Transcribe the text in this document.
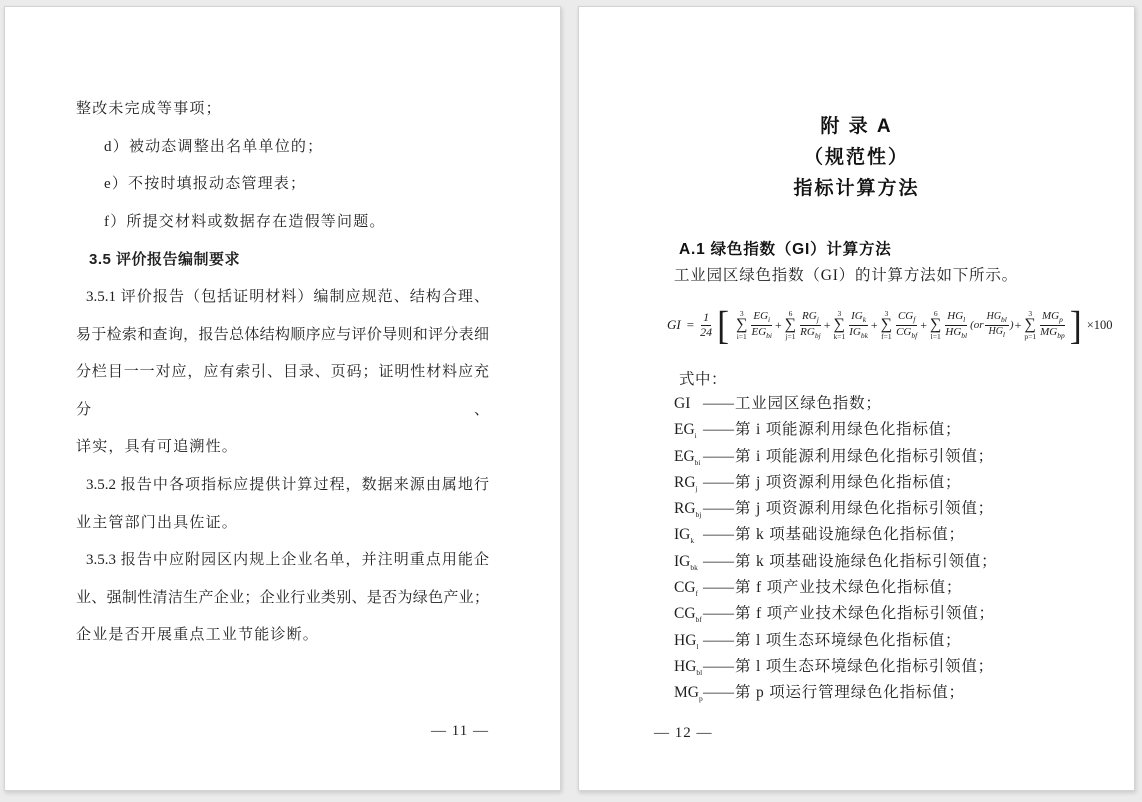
整改未完成等事项；
d）被动态调整出名单单位的；
e）不按时填报动态管理表；
f）所提交材料或数据存在造假等问题。
3.5 评价报告编制要求
3.5.1 评价报告（包括证明材料）编制应规范、结构合理、
易于检索和查询，报告总体结构顺序应与评价导则和评分表细
分栏目一一对应，应有索引、目录、页码；证明性材料应充分、
详实，具有可追溯性。
3.5.2 报告中各项指标应提供计算过程，数据来源由属地行
业主管部门出具佐证。
3.5.3 报告中应附园区内规上企业名单，并注明重点用能企
业、强制性清洁生产企业；企业行业类别、是否为绿色产业；
企业是否开展重点工业节能诊断。
— 11 —
附 录 A
（规范性）
指标计算方法
A.1 绿色指数（GI）计算方法
工业园区绿色指数（GI）的计算方法如下所示。
GI = $\frac{1}{24}$ [ 3
∑
$i=1 \frac{EG_i}{EG_{bi}}$ +
6
∑
$j=1 \frac{RG_j}{RG_{bj}}$ +
3
∑
$k=1 \frac{IG_k}{IG_{bk}}$ +
3
∑
$f=1 \frac{CG_f}{CG_{bf}}$ +
6
∑
$l=1 \frac{HG_l}{HG_{bl}} (or \frac{HG_{bl}}{HG_l}$ ) +
3
∑
$p=1 \frac{MG_p}{MG_{bp}}$ ] ×100
式中：
GI —— 工业园区绿色指数；
$EG_i$ —— 第 i 项能源利用绿色化指标值；
$EG_{bi}$ —— 第 i 项能源利用绿色化指标引领值；
$RG_j$ —— 第 j 项资源利用绿色化指标值；
$RG_{bj}$ —— 第 j 项资源利用绿色化指标引领值；
$IG_k$ —— 第 k 项基础设施绿色化指标值；
$IG_{bk}$ —— 第 k 项基础设施绿色化指标引领值；
$CG_f$ —— 第 f 项产业技术绿色化指标值；
$CG_{bf}$ —— 第 f 项产业技术绿色化指标引领值；
$HG_l$ —— 第 l 项生态环境绿色化指标值；
$HG_{bl}$ —— 第 l 项生态环境绿色化指标引领值；
$MG_p$ —— 第 p 项运行管理绿色化指标值；
— 12 —
